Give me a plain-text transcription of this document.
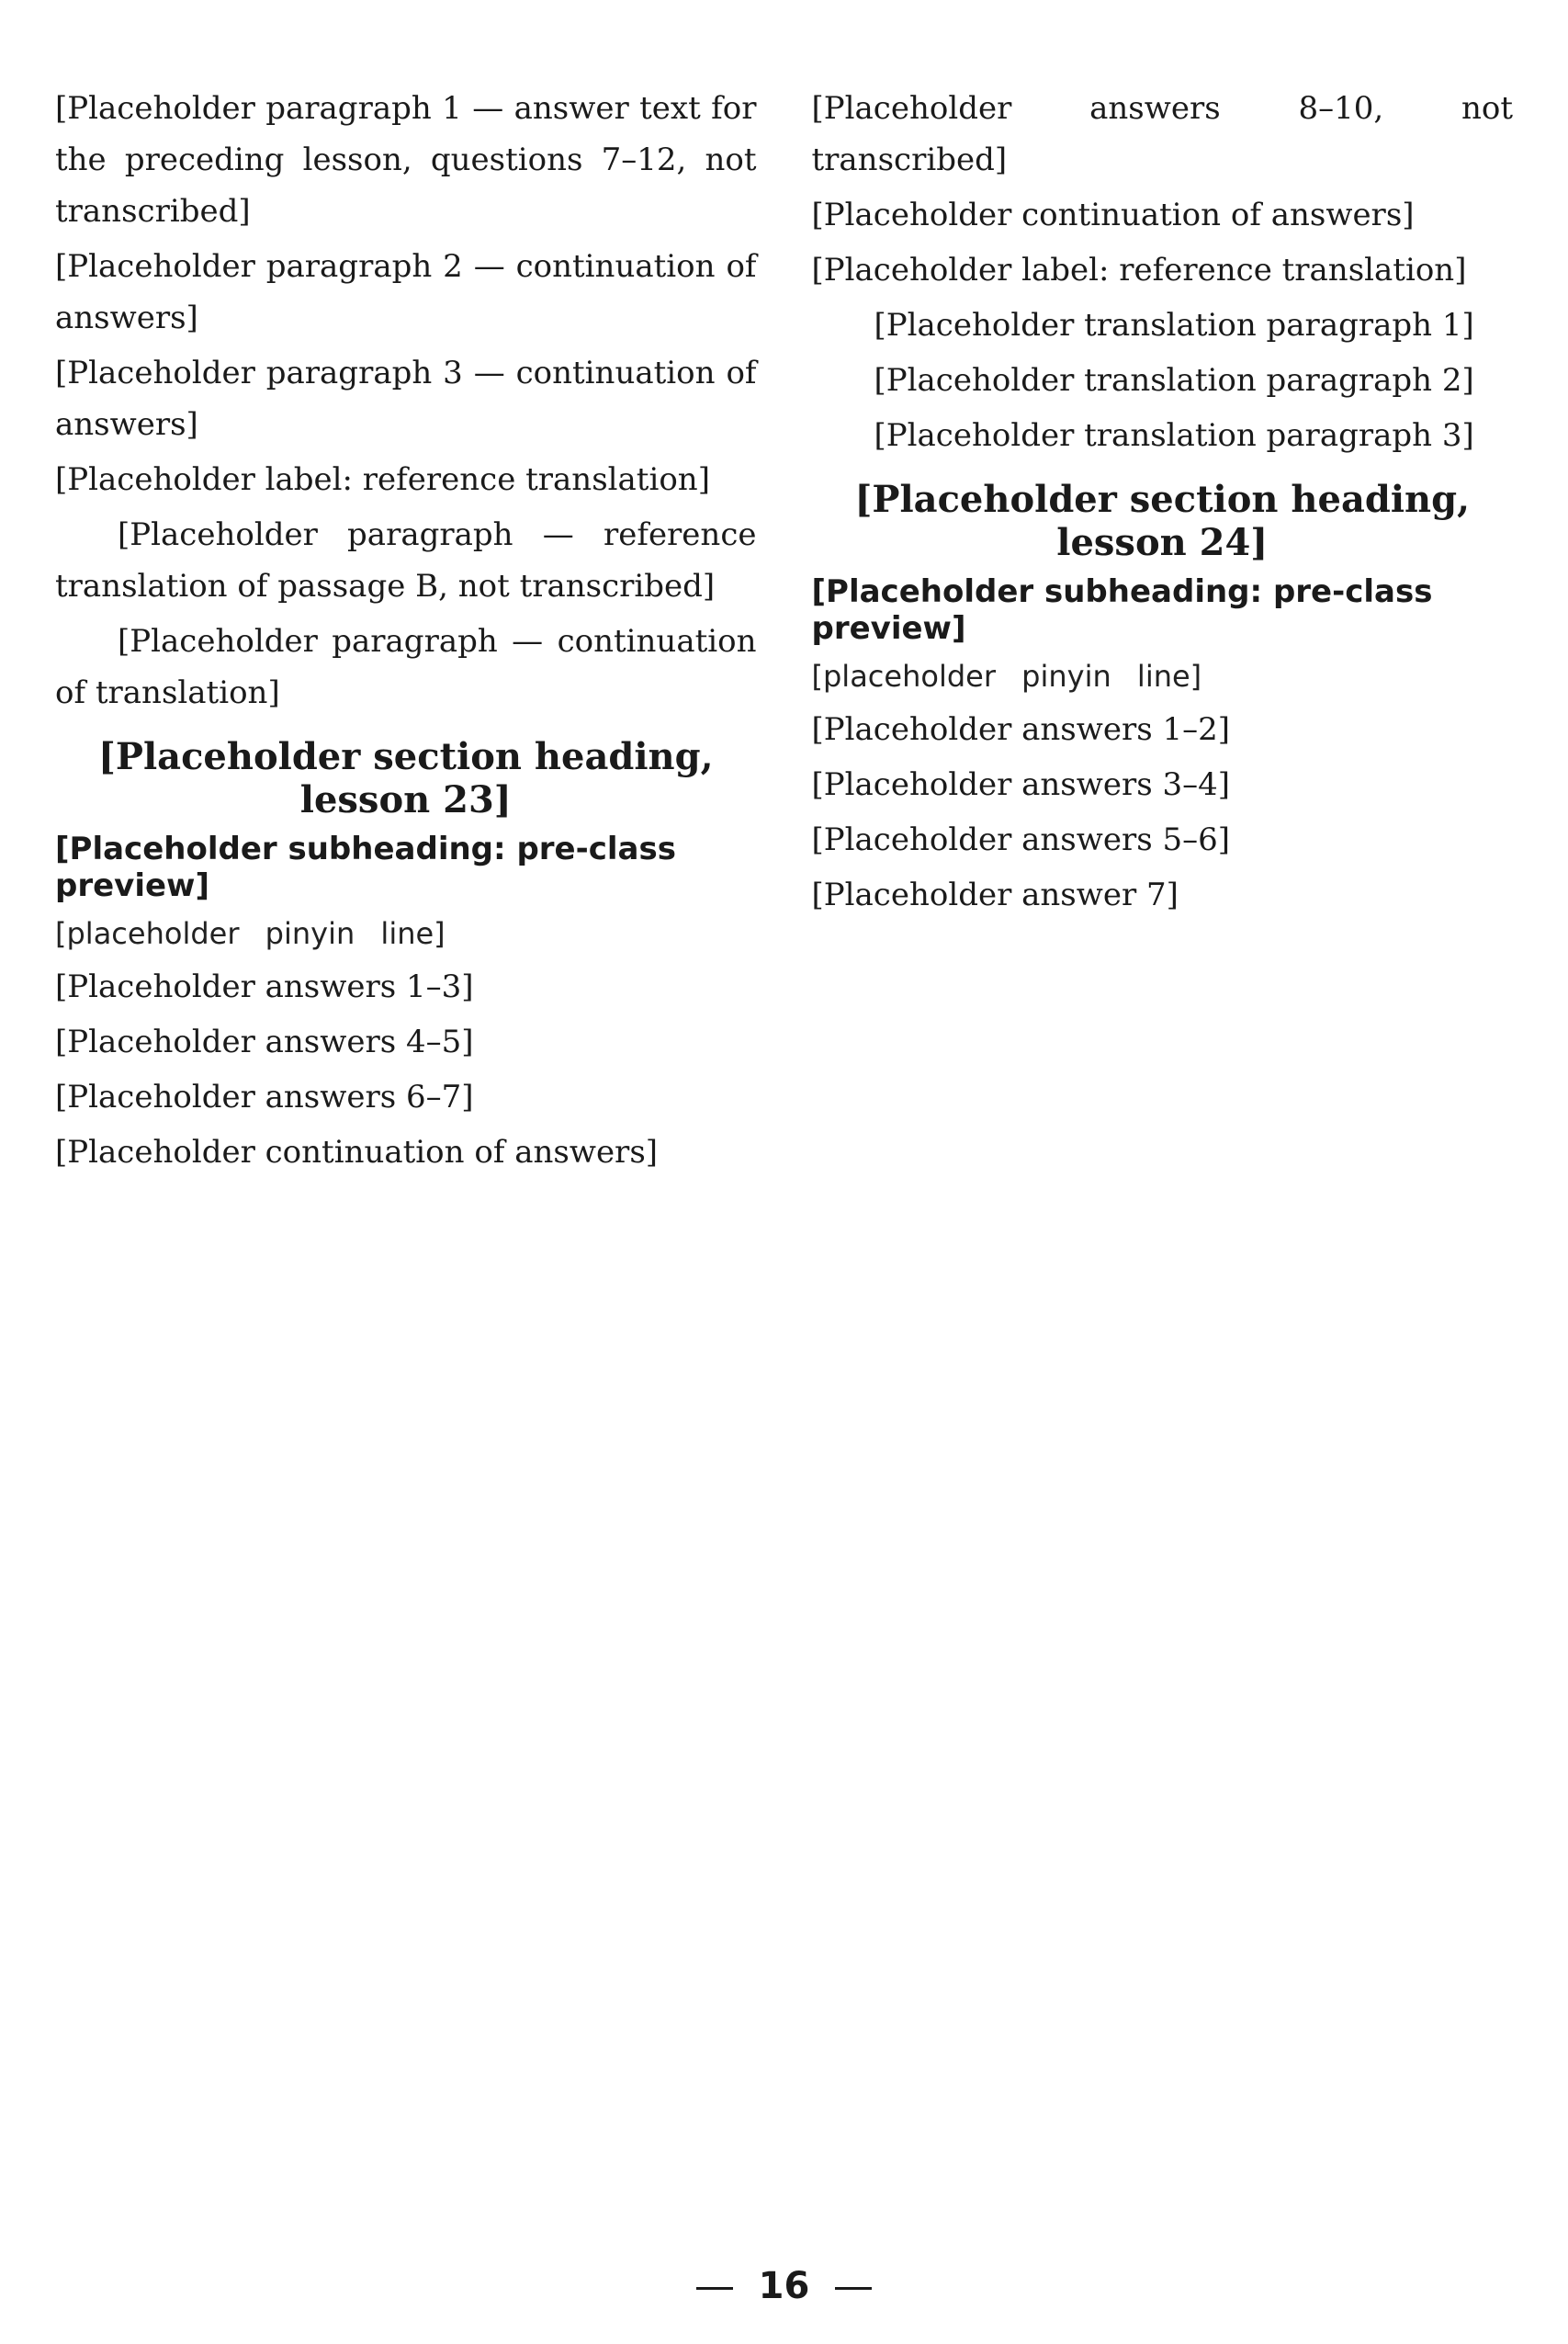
[Placeholder paragraph 1 — answer text for the preceding lesson, questions 7–12, not transcribed]

[Placeholder paragraph 2 — continuation of answers]

[Placeholder paragraph 3 — continuation of answers]

[Placeholder label: reference translation]

[Placeholder paragraph — reference translation of passage B, not transcribed]

[Placeholder paragraph — continuation of translation]

[Placeholder section heading, lesson 23]
[Placeholder subheading: pre-class preview]

[placeholder pinyin line]

[Placeholder answers 1–3]

[Placeholder answers 4–5]

[Placeholder answers 6–7]

[Placeholder continuation of answers]

[Placeholder answers 8–10, not transcribed]

[Placeholder continuation of answers]

[Placeholder label: reference translation]

[Placeholder translation paragraph 1]

[Placeholder translation paragraph 2]

[Placeholder translation paragraph 3]

[Placeholder section heading, lesson 24]
[Placeholder subheading: pre-class preview]

[placeholder pinyin line]

[Placeholder answers 1–2]

[Placeholder answers 3–4]

[Placeholder answers 5–6]

[Placeholder answer 7]

16
